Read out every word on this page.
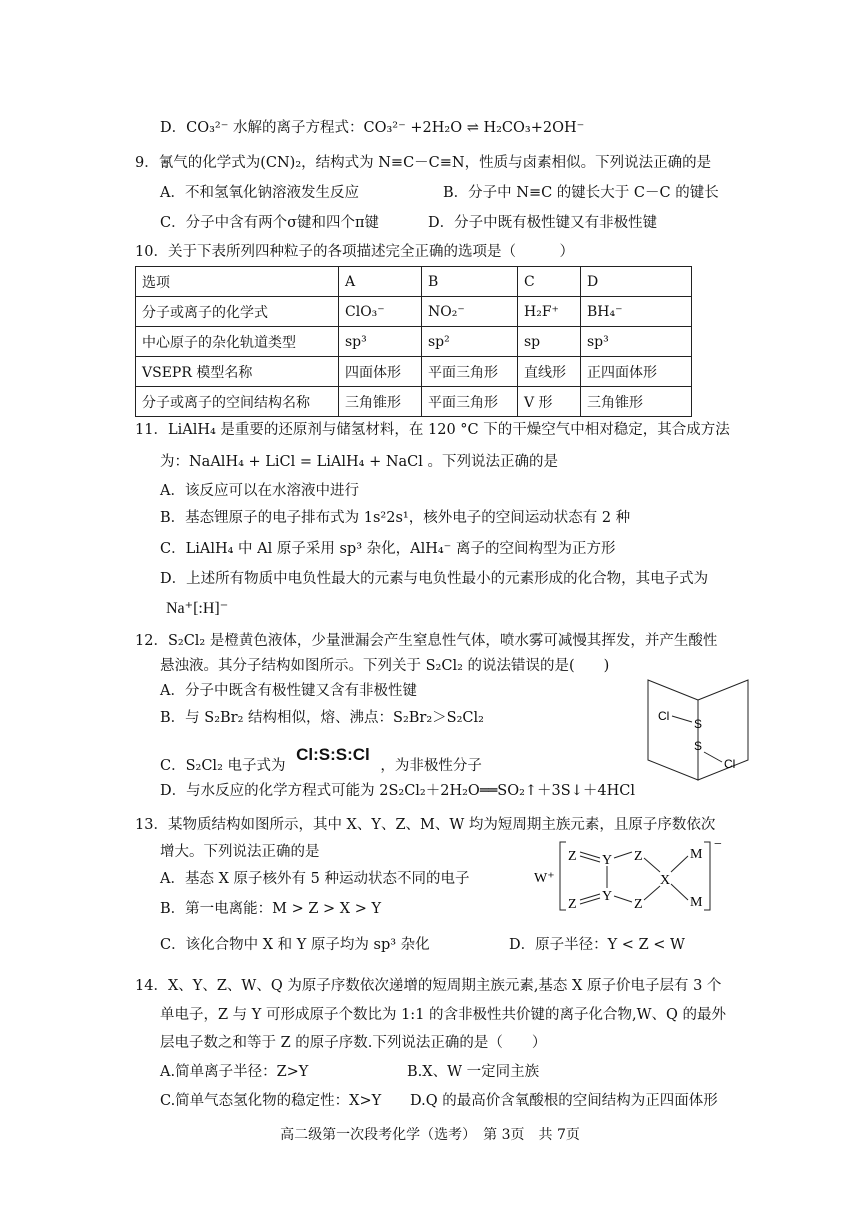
D．CO₃²⁻ 水解的离子方程式：CO₃²⁻ +2H₂O ⇌ H₂CO₃+2OH⁻
9．氰气的化学式为(CN)₂，结构式为 N≡C－C≡N，性质与卤素相似。下列说法正确的是
A．不和氢氧化钠溶液发生反应	B．分子中 N≡C 的键长大于 C－C 的键长
C．分子中含有两个σ键和四个π键	D．分子中既有极性键又有非极性键
10．关于下表所列四种粒子的各项描述完全正确的选项是（　　　）
选项	A	B	C	D
分子或离子的化学式	ClO₃⁻	NO₂⁻	H₂F⁺	BH₄⁻
中心原子的杂化轨道类型	sp³	sp²	sp	sp³
VSEPR 模型名称	四面体形	平面三角形	直线形	正四面体形
分子或离子的空间结构名称	三角锥形	平面三角形	V 形	三角锥形
11．LiAlH₄ 是重要的还原剂与储氢材料，在 120 °C 下的干燥空气中相对稳定，其合成方法
为：NaAlH₄ + LiCl = LiAlH₄ + NaCl 。下列说法正确的是
A．该反应可以在水溶液中进行
B．基态锂原子的电子排布式为 1s²2s¹，核外电子的空间运动状态有 2 种
C．LiAlH₄ 中 Al 原子采用 sp³ 杂化，AlH₄⁻ 离子的空间构型为正方形
D．上述所有物质中电负性最大的元素与电负性最小的元素形成的化合物，其电子式为
Na⁺[:H]⁻
12．S₂Cl₂ 是橙黄色液体，少量泄漏会产生窒息性气体，喷水雾可减慢其挥发，并产生酸性
悬浊液。其分子结构如图所示。下列关于 S₂Cl₂ 的说法错误的是(　　)
A．分子中既含有极性键又含有非极性键
B．与 S₂Br₂ 结构相似，熔、沸点：S₂Br₂＞S₂Cl₂
C．S₂Cl₂ 电子式为 Cl:S:S:Cl ，为非极性分子
D．与水反应的化学方程式可能为 2S₂Cl₂＋2H₂O══SO₂↑＋3S↓＋4HCl
Cl
S
S
Cl
13．某物质结构如图所示，其中 X、Y、Z、M、W 均为短周期主族元素，且原子序数依次
增大。下列说法正确的是
A．基态 X 原子核外有 5 种运动状态不同的电子
B．第一电离能：M > Z > X > Y
C．该化合物中 X 和 Y 原子均为 sp³ 杂化	D．原子半径：Y < Z < W
W⁺
−
Z
Z
Y
Y
Z
Z
X
M
M
14．X、Y、Z、W、Q 为原子序数依次递增的短周期主族元素,基态 X 原子价电子层有 3 个
单电子，Z 与 Y 可形成原子个数比为 1:1 的含非极性共价键的离子化合物,W、Q 的最外
层电子数之和等于 Z 的原子序数.下列说法正确的是（　　）
A.简单离子半径：Z>Y	B.X、W 一定同主族
C.简单气态氢化物的稳定性：X>Y D.Q 的最高价含氧酸根的空间结构为正四面体形
高二级第一次段考化学（选考）　第 3页　共 7页
